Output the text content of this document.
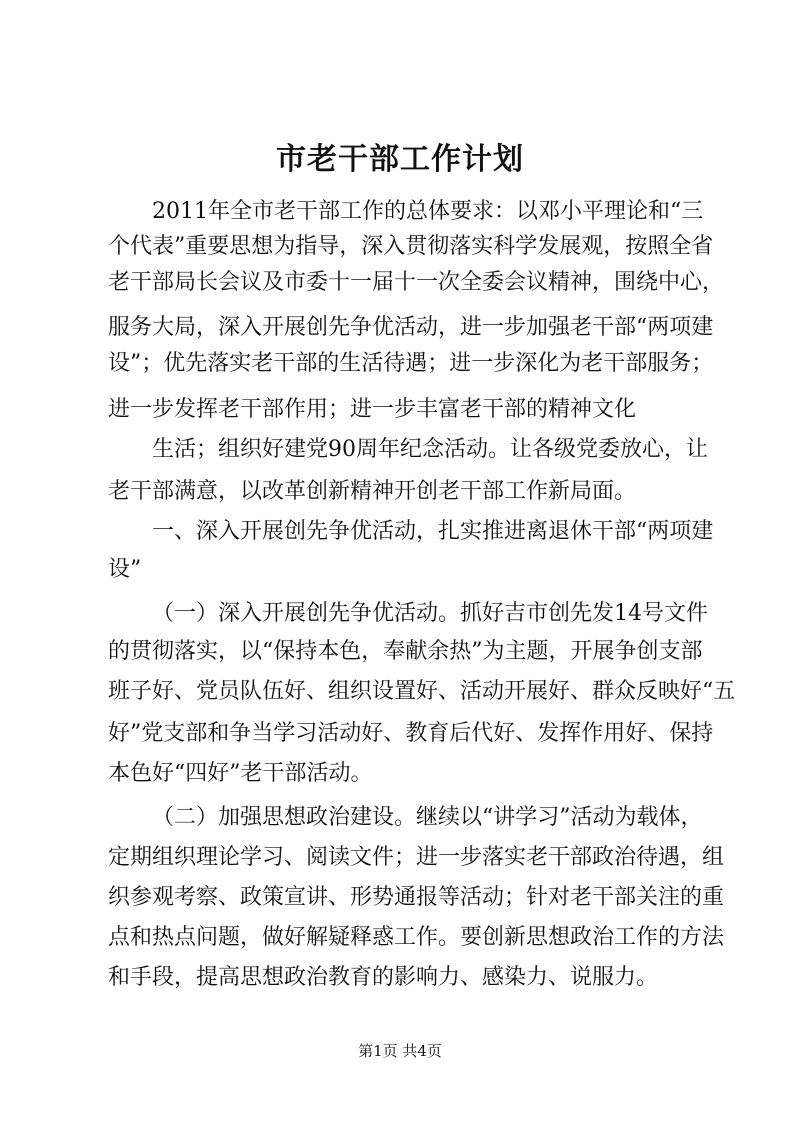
市老干部工作计划

2011年全市老干部工作的总体要求：以邓小平理论和“三

个代表”重要思想为指导，深入贯彻落实科学发展观，按照全省

老干部局长会议及市委十一届十一次全委会议精神，围绕中心，

服务大局，深入开展创先争优活动，进一步加强老干部“两项建

设”；优先落实老干部的生活待遇；进一步深化为老干部服务；

进一步发挥老干部作用；进一步丰富老干部的精神文化

生活；组织好建党90周年纪念活动。让各级党委放心，让

老干部满意，以改革创新精神开创老干部工作新局面。

一、深入开展创先争优活动，扎实推进离退休干部“两项建

设”

（一）深入开展创先争优活动。抓好吉市创先发14号文件

的贯彻落实，以“保持本色，奉献余热”为主题，开展争创支部

班子好、党员队伍好、组织设置好、活动开展好、群众反映好“五

好”党支部和争当学习活动好、教育后代好、发挥作用好、保持

本色好“四好”老干部活动。

（二）加强思想政治建设。继续以“讲学习”活动为载体，

定期组织理论学习、阅读文件；进一步落实老干部政治待遇，组

织参观考察、政策宣讲、形势通报等活动；针对老干部关注的重

点和热点问题，做好解疑释惑工作。要创新思想政治工作的方法

和手段，提高思想政治教育的影响力、感染力、说服力。

第1页 共4页
